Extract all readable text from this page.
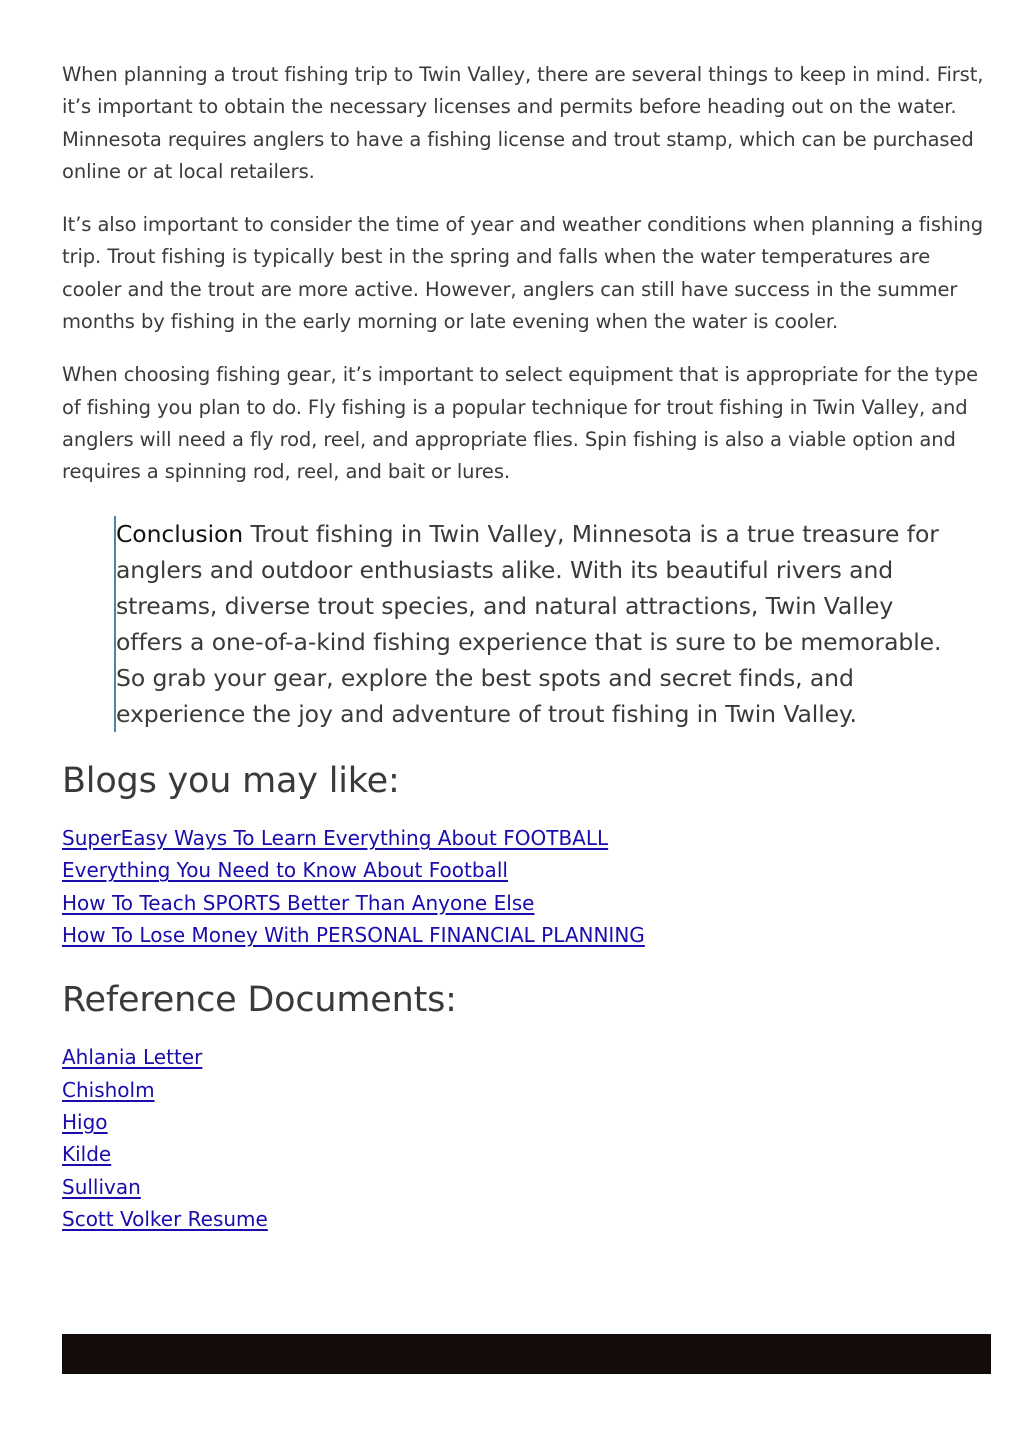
When planning a trout fishing trip to Twin Valley, there are several things to keep in mind. First, it’s important to obtain the necessary licenses and permits before heading out on the water. Minnesota requires anglers to have a fishing license and trout stamp, which can be purchased online or at local retailers.

It’s also important to consider the time of year and weather conditions when planning a fishing trip. Trout fishing is typically best in the spring and falls when the water temperatures are cooler and the trout are more active. However, anglers can still have success in the summer months by fishing in the early morning or late evening when the water is cooler.

When choosing fishing gear, it’s important to select equipment that is appropriate for the type of fishing you plan to do. Fly fishing is a popular technique for trout fishing in Twin Valley, and anglers will need a fly rod, reel, and appropriate flies. Spin fishing is also a viable option and requires a spinning rod, reel, and bait or lures.

Conclusion Trout fishing in Twin Valley, Minnesota is a true treasure for anglers and outdoor enthusiasts alike. With its beautiful rivers and streams, diverse trout species, and natural attractions, Twin Valley offers a one-of-a-kind fishing experience that is sure to be memorable. So grab your gear, explore the best spots and secret finds, and experience the joy and adventure of trout fishing in Twin Valley.

Blogs you may like:
SuperEasy Ways To Learn Everything About FOOTBALL
Everything You Need to Know About Football
How To Teach SPORTS Better Than Anyone Else
How To Lose Money With PERSONAL FINANCIAL PLANNING
Reference Documents:
Ahlania Letter
Chisholm
Higo
Kilde
Sullivan
Scott Volker Resume
